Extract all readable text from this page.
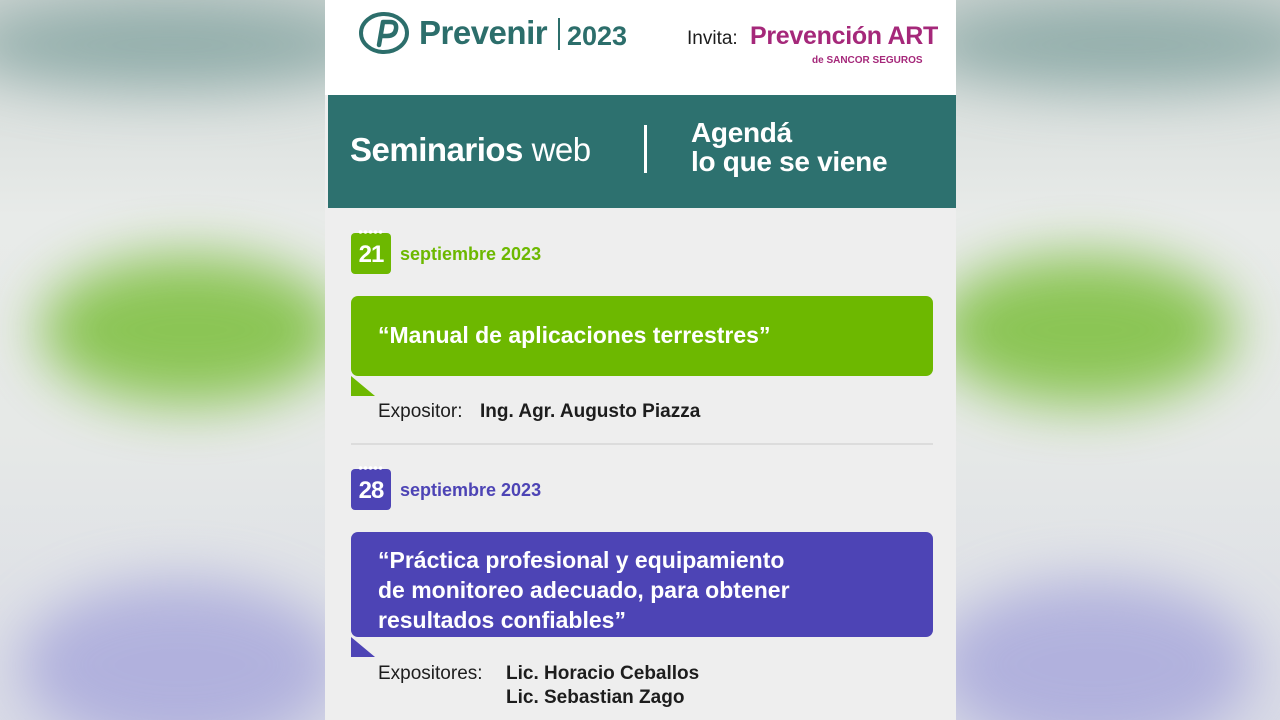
Prevenir 2023	Invita: Prevención ART
de SANCOR SEGUROS
Seminarios web	Agendá
lo que se viene
21 septiembre 2023
“Manual de aplicaciones terrestres”
Expositor: Ing. Agr. Augusto Piazza
28 septiembre 2023
“Práctica profesional y equipamiento
de monitoreo adecuado, para obtener
resultados confiables”
Expositores: Lic. Horacio Ceballos
Lic. Sebastian Zago
